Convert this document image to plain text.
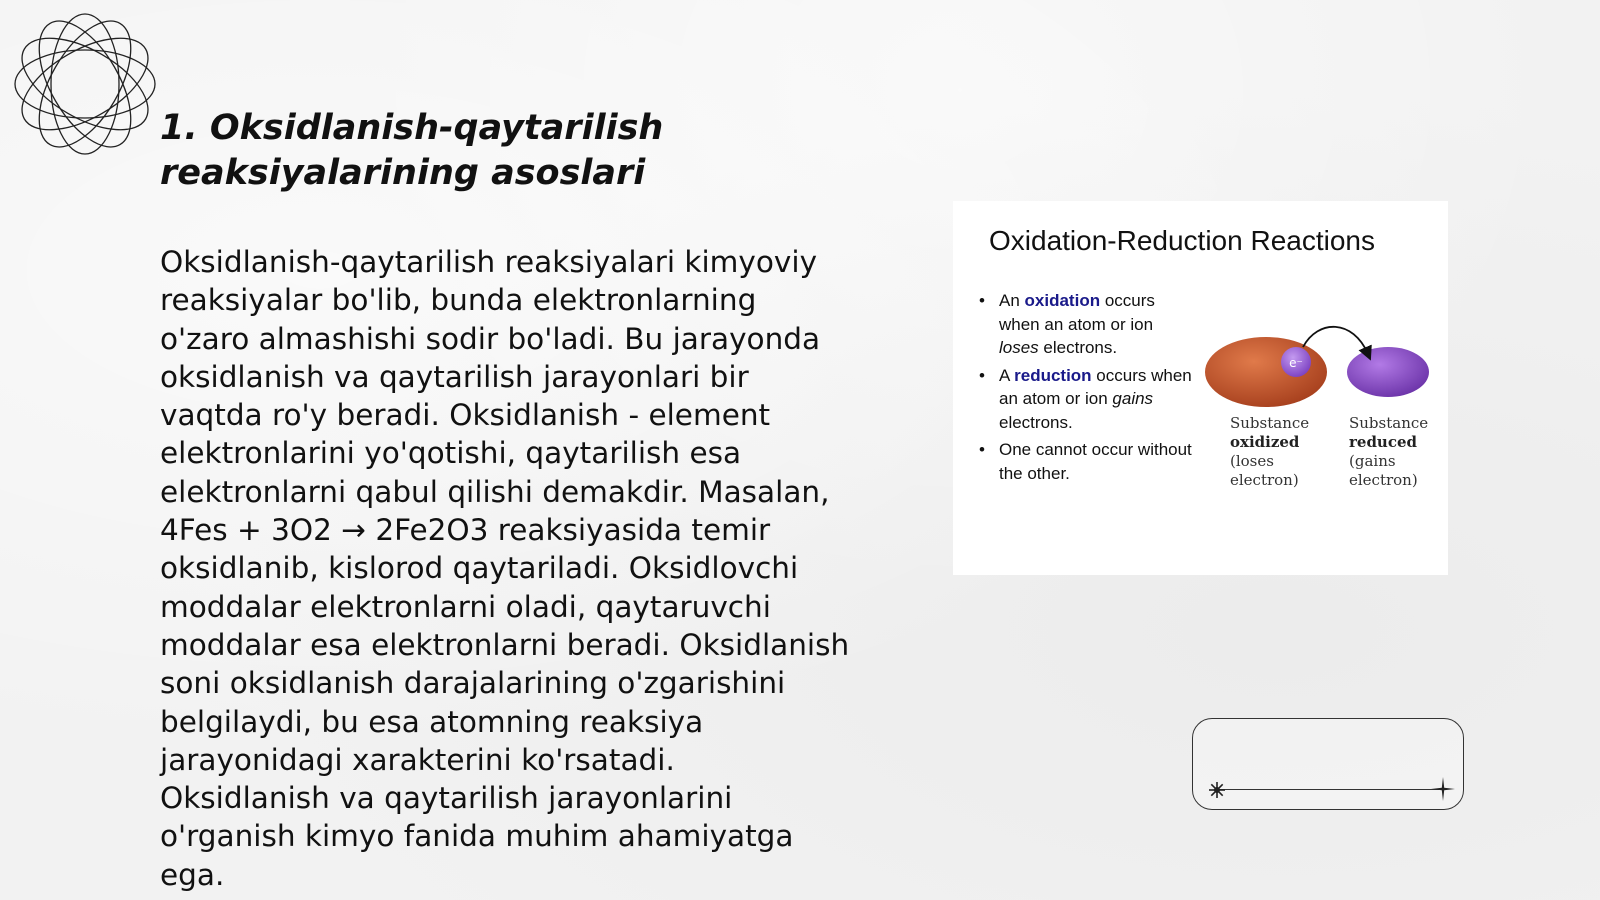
1. Oksidlanish-qaytarilish reaksiyalarining asoslari

Oksidlanish-qaytarilish reaksiyalari kimyoviy reaksiyalar bo'lib, bunda elektronlarning o'zaro almashishi sodir bo'ladi. Bu jarayonda oksidlanish va qaytarilish jarayonlari bir vaqtda ro'y beradi. Oksidlanish - element elektronlarini yo'qotishi, qaytarilish esa elektronlarni qabul qilishi demakdir. Masalan, 4Fes + 3O2 → 2Fe2O3 reaksiyasida temir oksidlanib, kislorod qaytariladi. Oksidlovchi moddalar elektronlarni oladi, qaytaruvchi moddalar esa elektronlarni beradi. Oksidlanish soni oksidlanish darajalarining o'zgarishini belgilaydi, bu esa atomning reaksiya jarayonidagi xarakterini ko'rsatadi. Oksidlanish va qaytarilish jarayonlarini o'rganish kimyo fanida muhim ahamiyatga ega.

Oxidation-Reduction Reactions
• An oxidation occurs when an atom or ion loses electrons.
• A reduction occurs when an atom or ion gains electrons.
• One cannot occur without the other.
e⁻
Substance
oxidized
(loses
electron)
Substance
reduced
(gains
electron)
